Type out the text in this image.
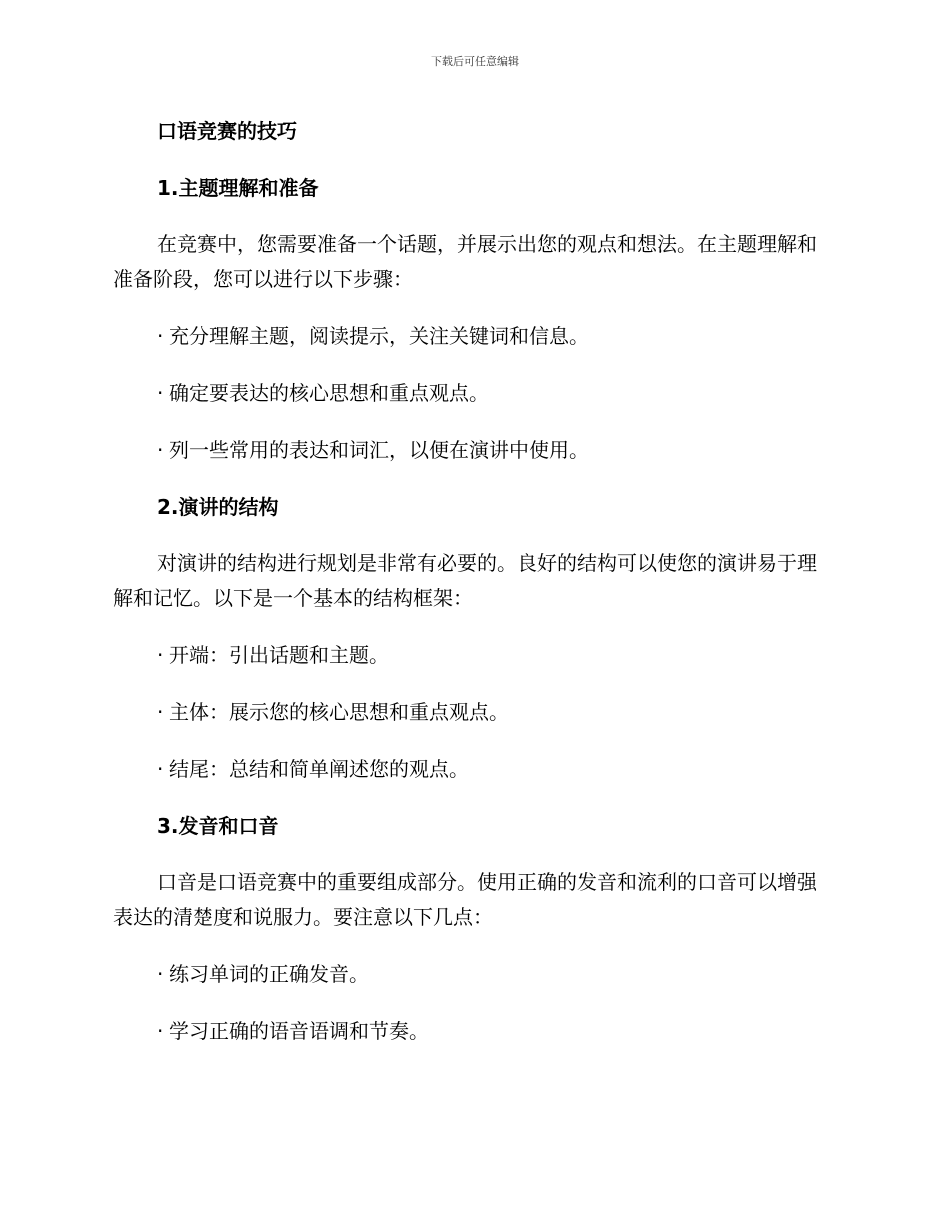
下载后可任意编辑
口语竞赛的技巧
1.主题理解和准备
在竞赛中，您需要准备一个话题，并展示出您的观点和想法。在主题理解和准备阶段，您可以进行以下步骤：
· 充分理解主题，阅读提示，关注关键词和信息。
· 确定要表达的核心思想和重点观点。
· 列一些常用的表达和词汇，以便在演讲中使用。
2.演讲的结构
对演讲的结构进行规划是非常有必要的。良好的结构可以使您的演讲易于理解和记忆。以下是一个基本的结构框架：
· 开端：引出话题和主题。
· 主体：展示您的核心思想和重点观点。
· 结尾：总结和简单阐述您的观点。
3.发音和口音
口音是口语竞赛中的重要组成部分。使用正确的发音和流利的口音可以增强表达的清楚度和说服力。要注意以下几点：
· 练习单词的正确发音。
· 学习正确的语音语调和节奏。
